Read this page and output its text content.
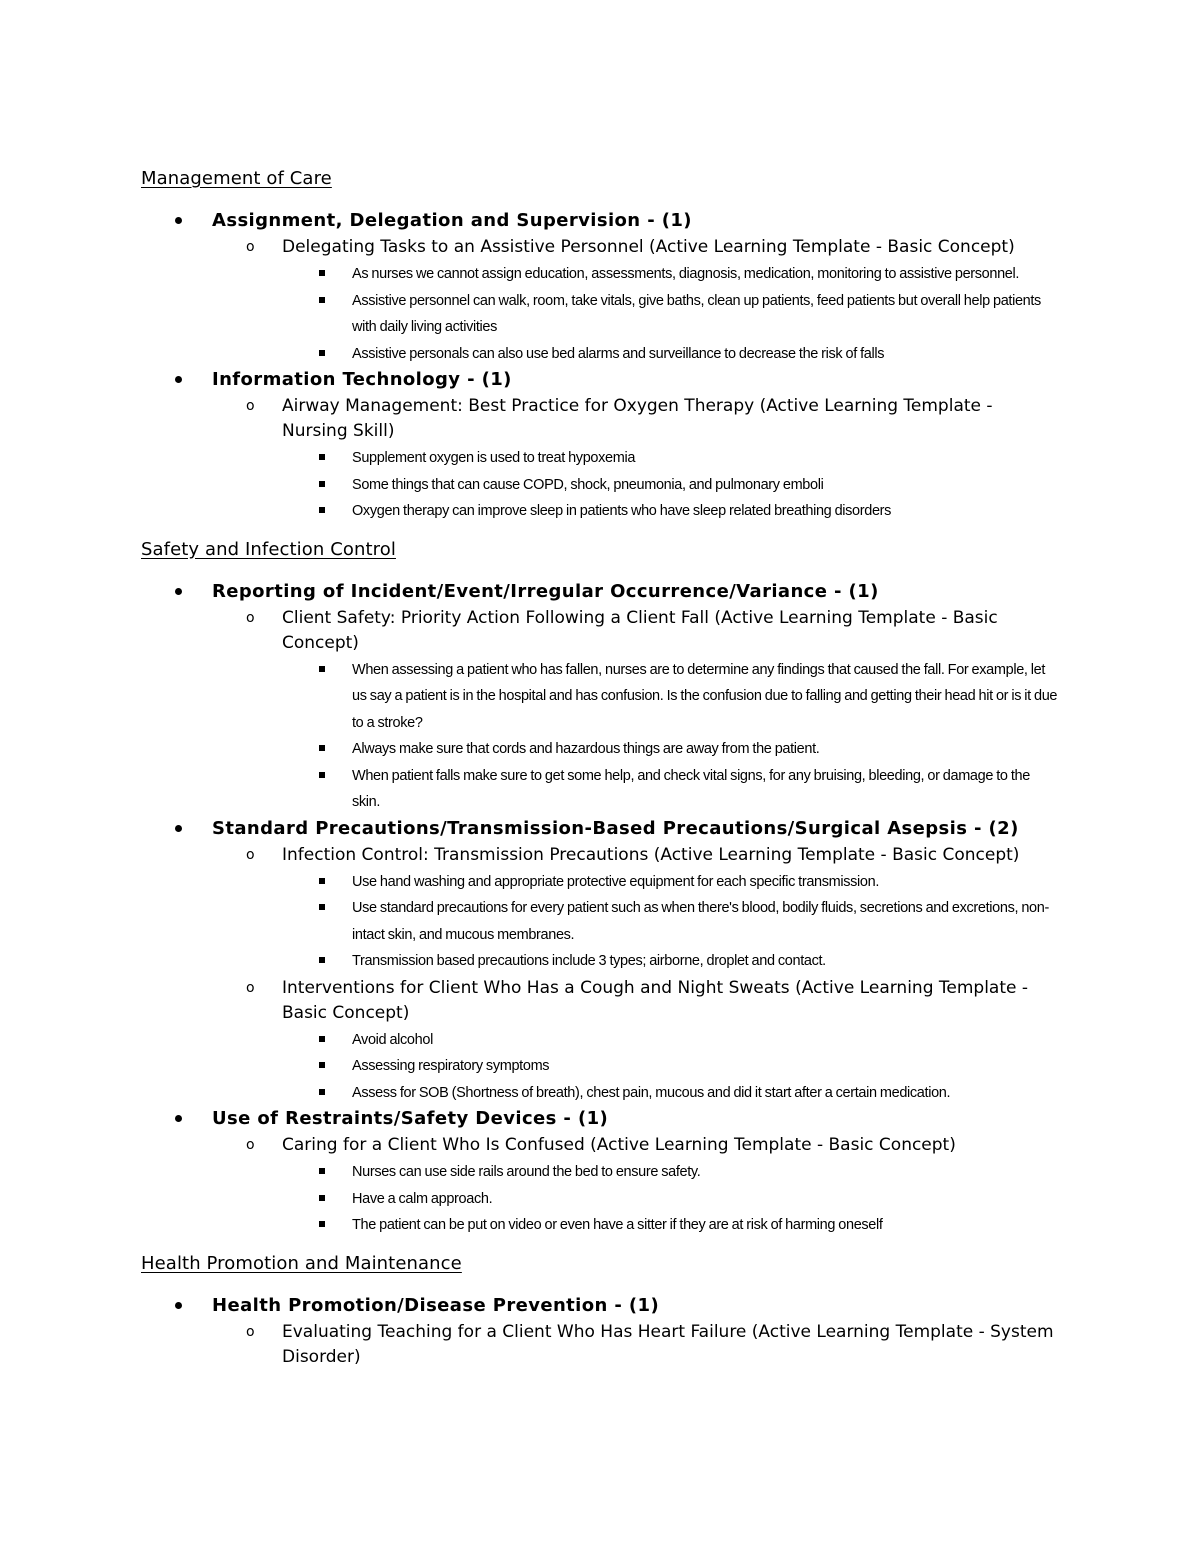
Management of Care
Assignment, Delegation and Supervision - (1)
o Delegating Tasks to an Assistive Personnel (Active Learning Template - Basic Concept)
As nurses we cannot assign education, assessments, diagnosis, medication, monitoring to assistive personnel.
Assistive personnel can walk, room, take vitals, give baths, clean up patients, feed patients but overall help patients with daily living activities
Assistive personals can also use bed alarms and surveillance to decrease the risk of falls
Information Technology - (1)
o Airway Management: Best Practice for Oxygen Therapy (Active Learning Template - Nursing Skill)
Supplement oxygen is used to treat hypoxemia
Some things that can cause COPD, shock, pneumonia, and pulmonary emboli
Oxygen therapy can improve sleep in patients who have sleep related breathing disorders
Safety and Infection Control
Reporting of Incident/Event/Irregular Occurrence/Variance - (1)
o Client Safety: Priority Action Following a Client Fall (Active Learning Template - Basic Concept)
When assessing a patient who has fallen, nurses are to determine any findings that caused the fall. For example, let us say a patient is in the hospital and has confusion. Is the confusion due to falling and getting their head hit or is it due to a stroke?
Always make sure that cords and hazardous things are away from the patient.
When patient falls make sure to get some help, and check vital signs, for any bruising, bleeding, or damage to the skin.
Standard Precautions/Transmission-Based Precautions/Surgical Asepsis - (2)
o Infection Control: Transmission Precautions (Active Learning Template - Basic Concept)
Use hand washing and appropriate protective equipment for each specific transmission.
Use standard precautions for every patient such as when there's blood, bodily fluids, secretions and excretions, non-intact skin, and mucous membranes.
Transmission based precautions include 3 types; airborne, droplet and contact.
o Interventions for Client Who Has a Cough and Night Sweats (Active Learning Template - Basic Concept)
Avoid alcohol
Assessing respiratory symptoms
Assess for SOB (Shortness of breath), chest pain, mucous and did it start after a certain medication.
Use of Restraints/Safety Devices - (1)
o Caring for a Client Who Is Confused (Active Learning Template - Basic Concept)
Nurses can use side rails around the bed to ensure safety.
Have a calm approach.
The patient can be put on video or even have a sitter if they are at risk of harming oneself
Health Promotion and Maintenance
Health Promotion/Disease Prevention - (1)
o Evaluating Teaching for a Client Who Has Heart Failure (Active Learning Template - System Disorder)
